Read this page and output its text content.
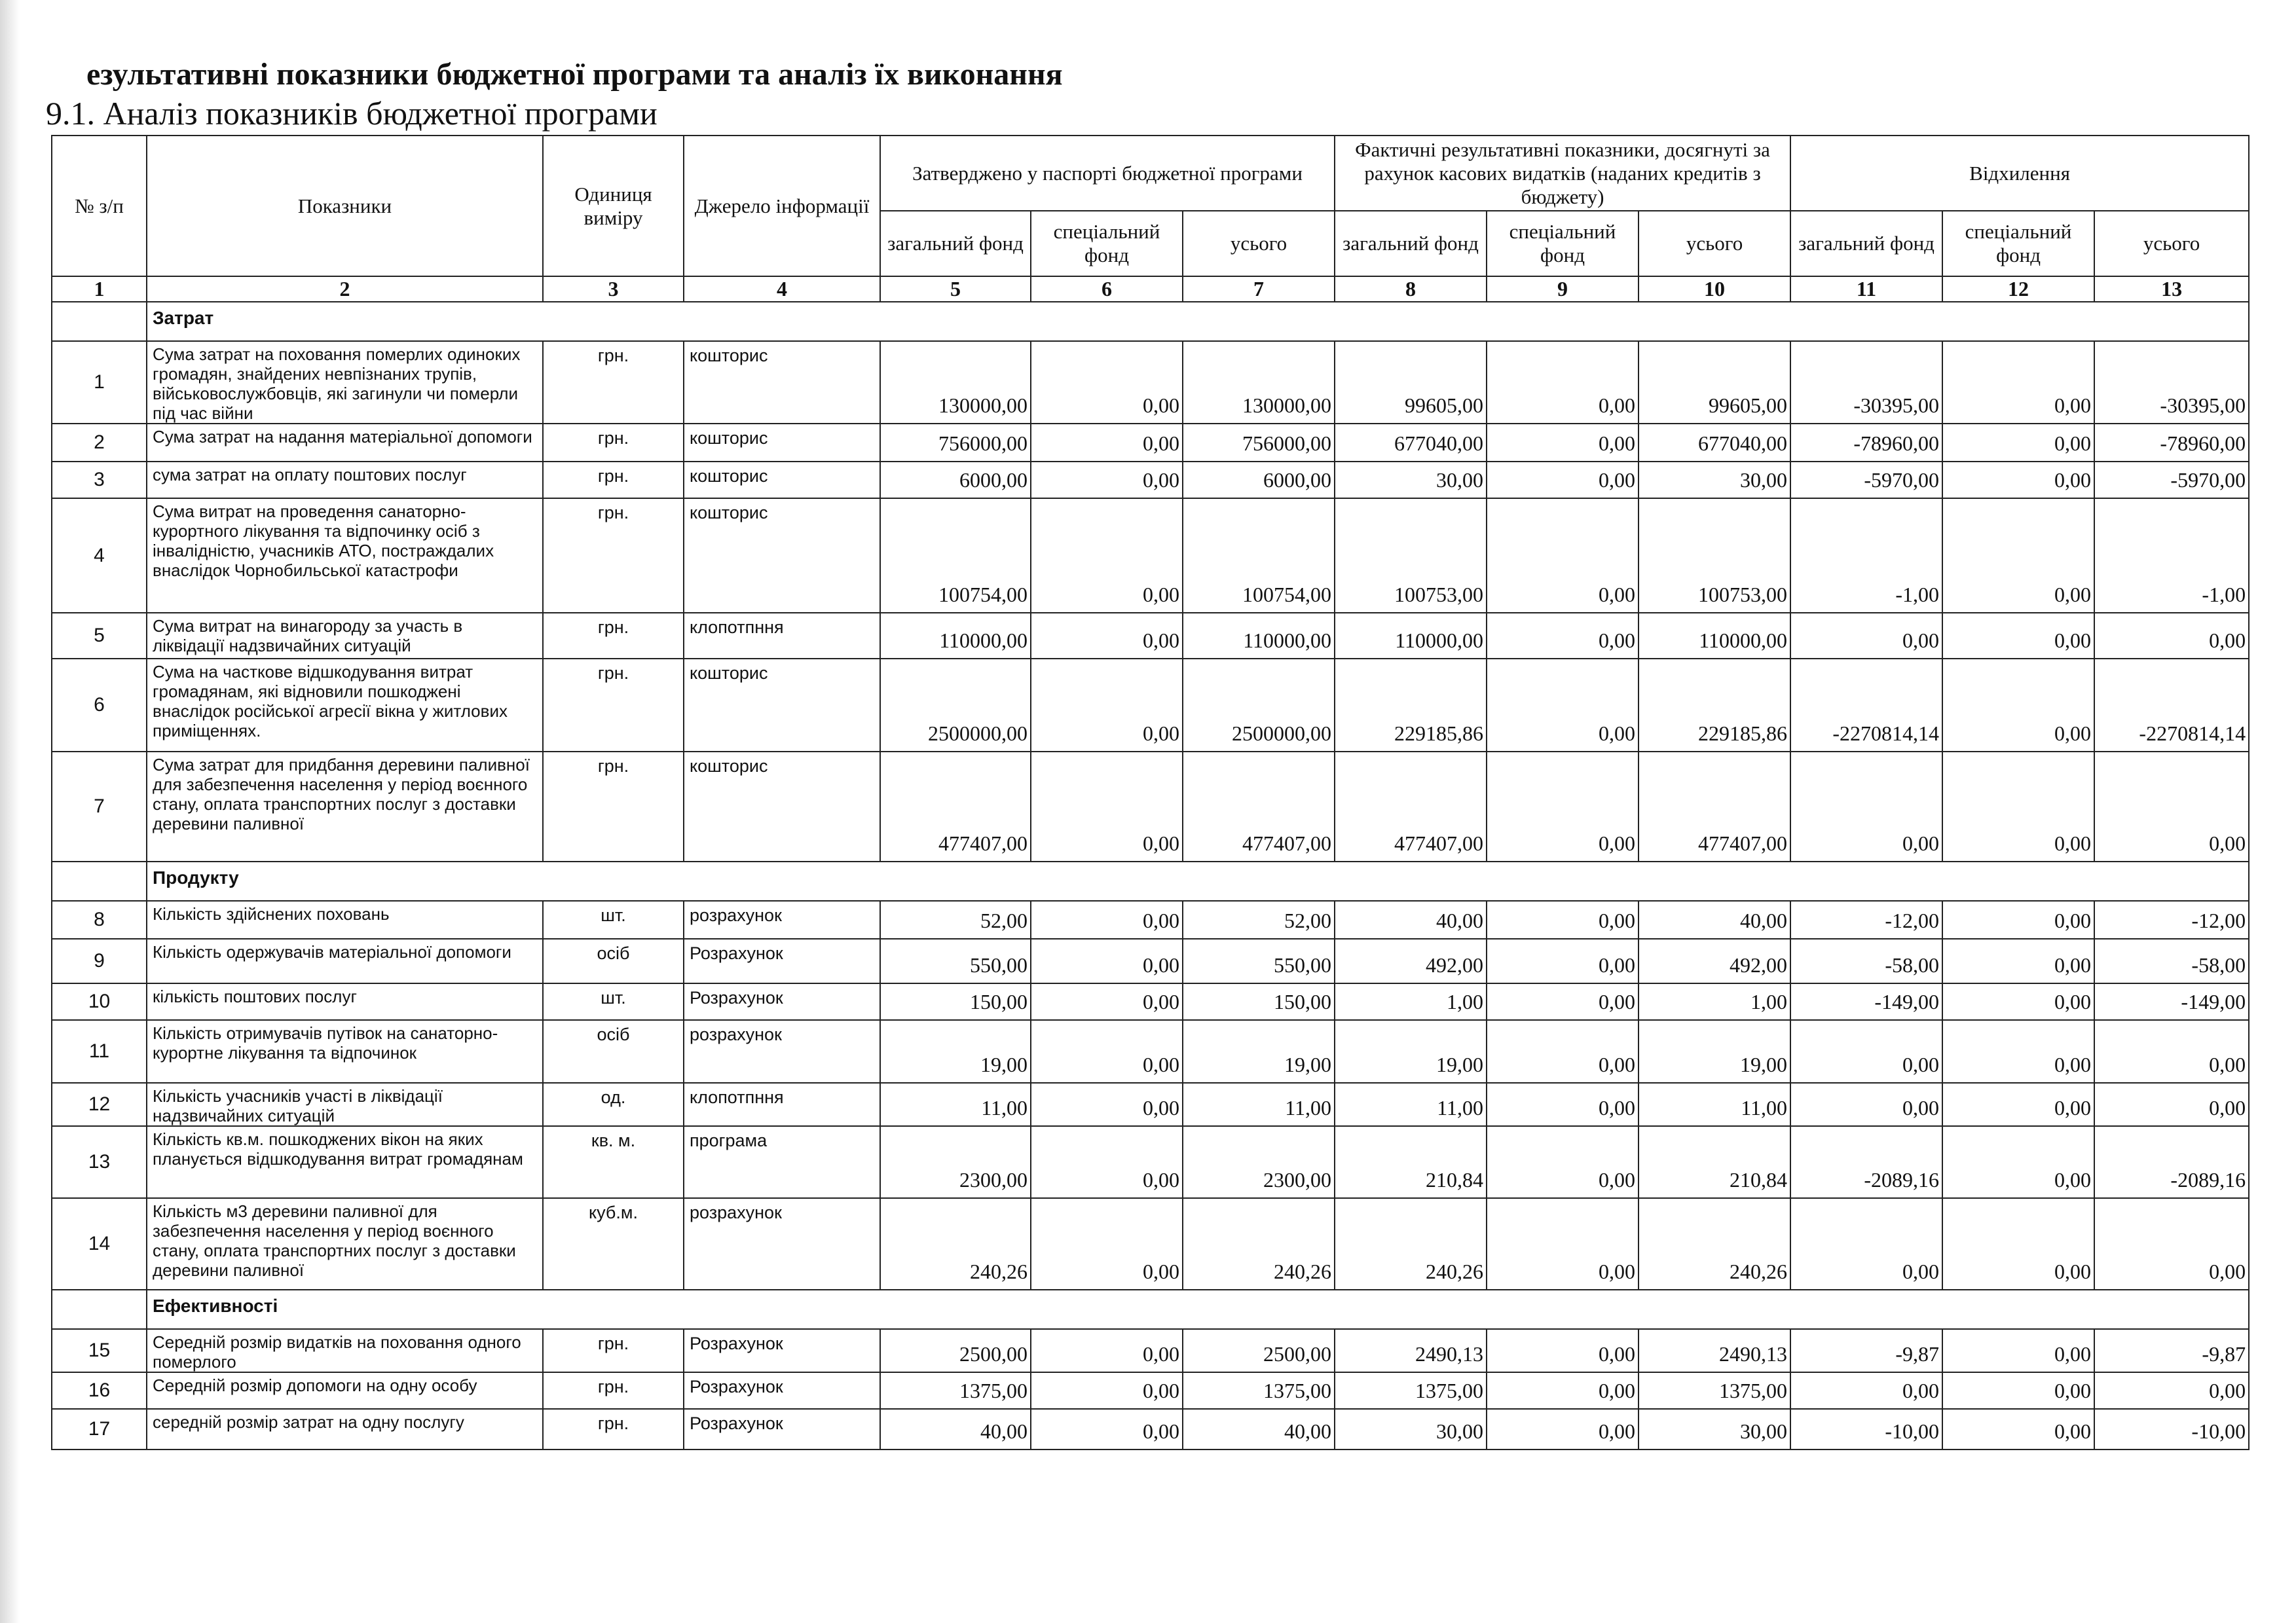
езультативні показники бюджетної програми та аналіз їх виконання
9.1. Аналіз показників бюджетної програми
№ з/п	Показники	Одиниця виміру	Джерело інформації	Затверджено у паспорті бюджетної програми			Фактичні результативні показники, досягнуті за рахунок касових видатків (наданих кредитів з бюджету)			Відхилення		
				загальний фонд	спеціальний фонд	усього	загальний фонд	спеціальний фонд	усього	загальний фонд	спеціальний фонд	усього
1	2	3	4	5	6	7	8	9	10	11	12	13
	Затрат											
1	Сума затрат на поховання померлих одиноких громадян, знайдених невпізнаних трупів, військовослужбовців, які загинули чи померли під час війни	грн.	кошторис	130000,00	0,00	130000,00	99605,00	0,00	99605,00	-30395,00	0,00	-30395,00
2	Сума затрат на надання матеріальної допомоги	грн.	кошторис	756000,00	0,00	756000,00	677040,00	0,00	677040,00	-78960,00	0,00	-78960,00
3	сума затрат на оплату поштових послуг	грн.	кошторис	6000,00	0,00	6000,00	30,00	0,00	30,00	-5970,00	0,00	-5970,00
4	Сума витрат на проведення санаторно-курортного лікування та відпочинку осіб з інвалідністю, учасників АТО, постраждалих внаслідок Чорнобильської катастрофи	грн.	кошторис	100754,00	0,00	100754,00	100753,00	0,00	100753,00	-1,00	0,00	-1,00
5	Сума витрат на винагороду за участь в ліквідації надзвичайних ситуацій	грн.	клопотпння	110000,00	0,00	110000,00	110000,00	0,00	110000,00	0,00	0,00	0,00
6	Сума на часткове відшкодування витрат громадянам, які відновили пошкоджені внаслідок російської агресії вікна у житлових приміщеннях.	грн.	кошторис	2500000,00	0,00	2500000,00	229185,86	0,00	229185,86	-2270814,14	0,00	-2270814,14
7	Сума затрат для придбання деревини паливної для забезпечення населення у період воєнного стану, оплата транспортних послуг з доставки деревини паливної	грн.	кошторис	477407,00	0,00	477407,00	477407,00	0,00	477407,00	0,00	0,00	0,00
	Продукту											
8	Кількість здійснених поховань	шт.	розрахунок	52,00	0,00	52,00	40,00	0,00	40,00	-12,00	0,00	-12,00
9	Кількість одержувачів матеріальної допомоги	осіб	Розрахунок	550,00	0,00	550,00	492,00	0,00	492,00	-58,00	0,00	-58,00
10	кількість поштових послуг	шт.	Розрахунок	150,00	0,00	150,00	1,00	0,00	1,00	-149,00	0,00	-149,00
11	Кількість отримувачів путівок на санаторно-курортне лікування та відпочинок	осіб	розрахунок	19,00	0,00	19,00	19,00	0,00	19,00	0,00	0,00	0,00
12	Кількість учасників участі в ліквідації надзвичайних ситуацій	од.	клопотпння	11,00	0,00	11,00	11,00	0,00	11,00	0,00	0,00	0,00
13	Кількість кв.м. пошкоджених вікон на яких планується відшкодування витрат громадянам	кв. м.	програма	2300,00	0,00	2300,00	210,84	0,00	210,84	-2089,16	0,00	-2089,16
14	Кількість м3 деревини паливної для забезпечення населення у період воєнного стану, оплата транспортних послуг з доставки деревини паливної	куб.м.	розрахунок	240,26	0,00	240,26	240,26	0,00	240,26	0,00	0,00	0,00
	Ефективності											
15	Середній розмір видатків на поховання одного померлого	грн.	Розрахунок	2500,00	0,00	2500,00	2490,13	0,00	2490,13	-9,87	0,00	-9,87
16	Середній розмір допомоги на одну особу	грн.	Розрахунок	1375,00	0,00	1375,00	1375,00	0,00	1375,00	0,00	0,00	0,00
17	середній розмір затрат на одну послугу	грн.	Розрахунок	40,00	0,00	40,00	30,00	0,00	30,00	-10,00	0,00	-10,00
